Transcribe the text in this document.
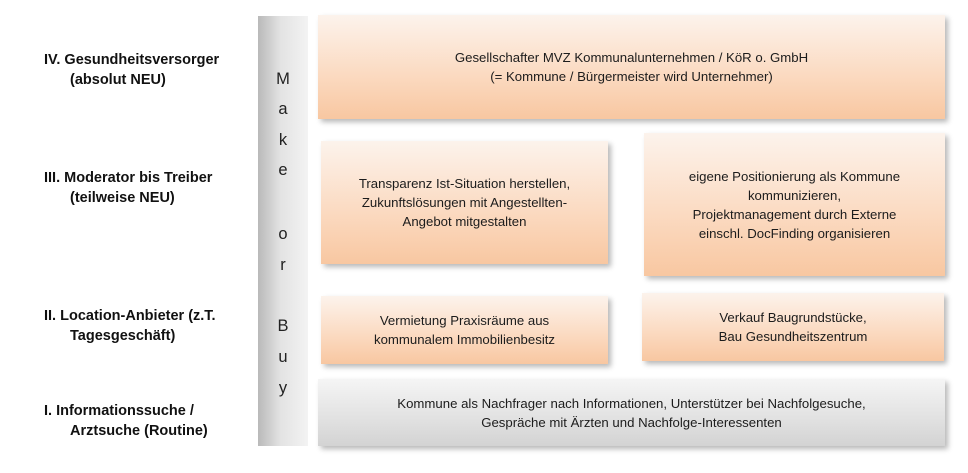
IV. Gesundheitsversorger
(absolut NEU)
III. Moderator bis Treiber
(teilweise NEU)
II. Location-Anbieter (z.T.
Tagesgeschäft)
I. Informationssuche /
Arztsuche (Routine)
M
a
k
e
o
r
B
u
y
Gesellschafter MVZ Kommunalunternehmen / KöR o. GmbH
(= Kommune / Bürgermeister wird Unternehmer)
Transparenz Ist-Situation herstellen,
Zukunftslösungen mit Angestellten-
Angebot mitgestalten
eigene Positionierung als Kommune
kommunizieren,
Projektmanagement durch Externe
einschl. DocFinding organisieren
Vermietung Praxisräume aus
kommunalem Immobilienbesitz
Verkauf Baugrundstücke,
Bau Gesundheitszentrum
Kommune als Nachfrager nach Informationen, Unterstützer bei Nachfolgesuche,
Gespräche mit Ärzten und Nachfolge-Interessenten
